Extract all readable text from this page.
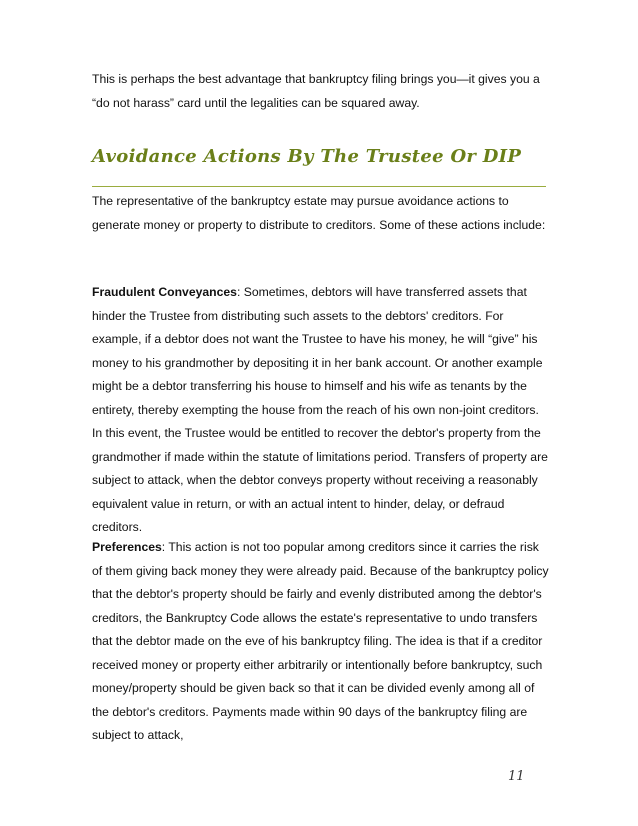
This is perhaps the best advantage that bankruptcy filing brings you—it gives you a “do not harass” card until the legalities can be squared away.

Avoidance Actions By The Trustee Or DIP

The representative of the bankruptcy estate may pursue avoidance actions to generate money or property to distribute to creditors. Some of these actions include:

Fraudulent Conveyances: Sometimes, debtors will have transferred assets that hinder the Trustee from distributing such assets to the debtors' creditors. For example, if a debtor does not want the Trustee to have his money, he will “give” his money to his grandmother by depositing it in her bank account. Or another example might be a debtor transferring his house to himself and his wife as tenants by the entirety, thereby exempting the house from the reach of his own non-joint creditors. In this event, the Trustee would be entitled to recover the debtor's property from the grandmother if made within the statute of limitations period. Transfers of property are subject to attack, when the debtor conveys property without receiving a reasonably equivalent value in return, or with an actual intent to hinder, delay, or defraud creditors.

Preferences: This action is not too popular among creditors since it carries the risk of them giving back money they were already paid. Because of the bankruptcy policy that the debtor's property should be fairly and evenly distributed among the debtor's creditors, the Bankruptcy Code allows the estate's representative to undo transfers that the debtor made on the eve of his bankruptcy filing. The idea is that if a creditor received money or property either arbitrarily or intentionally before bankruptcy, such money/property should be given back so that it can be divided evenly among all of the debtor's creditors. Payments made within 90 days of the bankruptcy filing are subject to attack,

11
